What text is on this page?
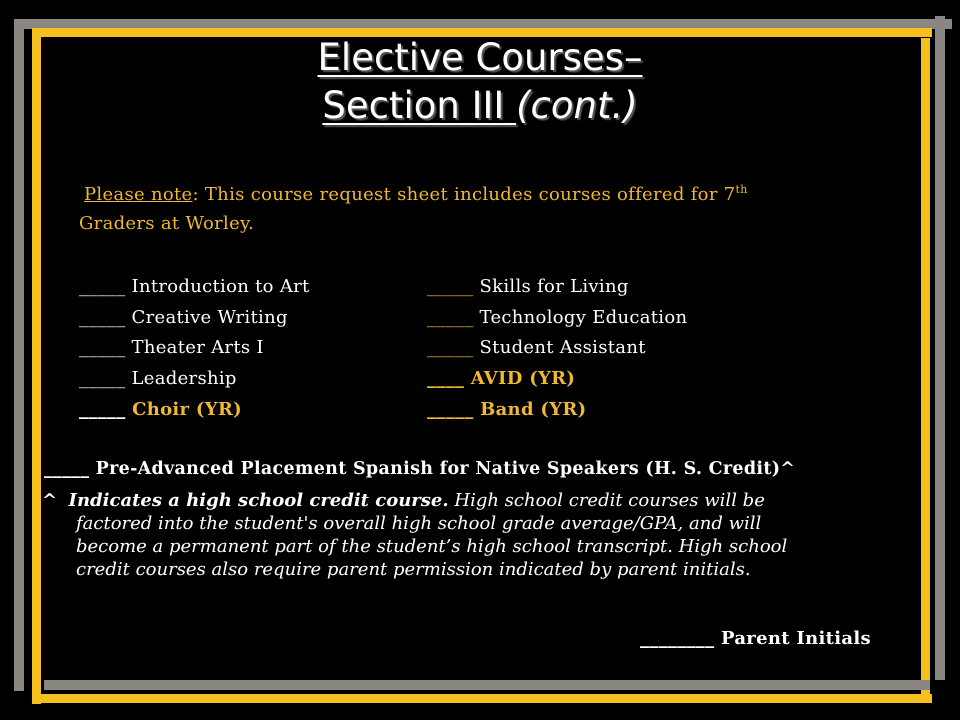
Elective Courses–
Section III (cont.)
Please note: This course request sheet includes courses offered for 7th
Graders at Worley.
_____ Introduction to Art
_____ Creative Writing
_____ Theater Arts I
_____ Leadership
_____ Choir (YR)
_____ Skills for Living
_____ Technology Education
_____ Student Assistant
____ AVID (YR)
_____ Band (YR)
_____ Pre-Advanced Placement Spanish for Native Speakers (H. S. Credit)^
^ Indicates a high school credit course. High school credit courses will be
factored into the student's overall high school grade average/GPA, and will
become a permanent part of the student’s high school transcript. High school
credit courses also require parent permission indicated by parent initials.
________ Parent Initials
